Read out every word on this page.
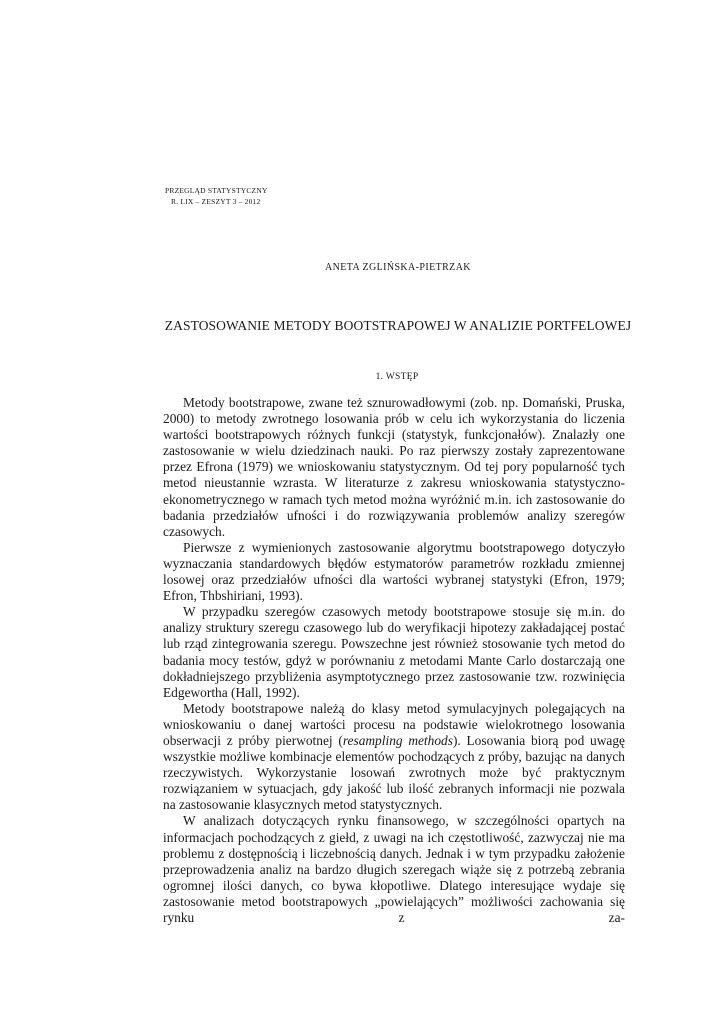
PRZEGLĄD STATYSTYCZNY
R. LIX – ZESZYT 3 – 2012
ANETA ZGLIŃSKA-PIETRZAK
ZASTOSOWANIE METODY BOOTSTRAPOWEJ W ANALIZIE PORTFELOWEJ
1. WSTĘP

Metody bootstrapowe, zwane też sznurowadłowymi (zob. np. Domański, Pruska, 2000) to metody zwrotnego losowania prób w celu ich wykorzystania do liczenia wartości bootstrapowych różnych funkcji (statystyk, funkcjonałów). Znalazły one zastosowanie w wielu dziedzinach nauki. Po raz pierwszy zostały zaprezentowane przez Efrona (1979) we wnioskowaniu statystycznym. Od tej pory popularność tych metod nieustannie wzrasta. W literaturze z zakresu wnioskowania statystyczno-ekonometrycznego w ramach tych metod można wyróżnić m.in. ich zastosowanie do badania przedziałów ufności i do rozwiązywania problemów analizy szeregów czasowych.

Pierwsze z wymienionych zastosowanie algorytmu bootstrapowego dotyczyło wyznaczania standardowych błędów estymatorów parametrów rozkładu zmiennej losowej oraz przedziałów ufności dla wartości wybranej statystyki (Efron, 1979; Efron, Thbshiriani, 1993).

W przypadku szeregów czasowych metody bootstrapowe stosuje się m.in. do analizy struktury szeregu czasowego lub do weryfikacji hipotezy zakładającej postać lub rząd zintegrowania szeregu. Powszechne jest również stosowanie tych metod do badania mocy testów, gdyż w porównaniu z metodami Mante Carlo dostarczają one dokładniejszego przybliżenia asymptotycznego przez zastosowanie tzw. rozwinięcia Edgewortha (Hall, 1992).

Metody bootstrapowe należą do klasy metod symulacyjnych polegających na wnioskowaniu o danej wartości procesu na podstawie wielokrotnego losowania obserwacji z próby pierwotnej (resampling methods). Losowania biorą pod uwagę wszystkie możliwe kombinacje elementów pochodzących z próby, bazując na danych rzeczywistych. Wykorzystanie losowań zwrotnych może być praktycznym rozwiązaniem w sytuacjach, gdy jakość lub ilość zebranych informacji nie pozwala na zastosowanie klasycznych metod statystycznych.

W analizach dotyczących rynku finansowego, w szczególności opartych na informacjach pochodzących z giełd, z uwagi na ich częstotliwość, zazwyczaj nie ma problemu z dostępnością i liczebnością danych. Jednak i w tym przypadku założenie przeprowadzenia analiz na bardzo długich szeregach wiąże się z potrzebą zebrania ogromnej ilości danych, co bywa kłopotliwe. Dlatego interesujące wydaje się zastosowanie metod bootstrapowych „powielających” możliwości zachowania się rynku z za-
